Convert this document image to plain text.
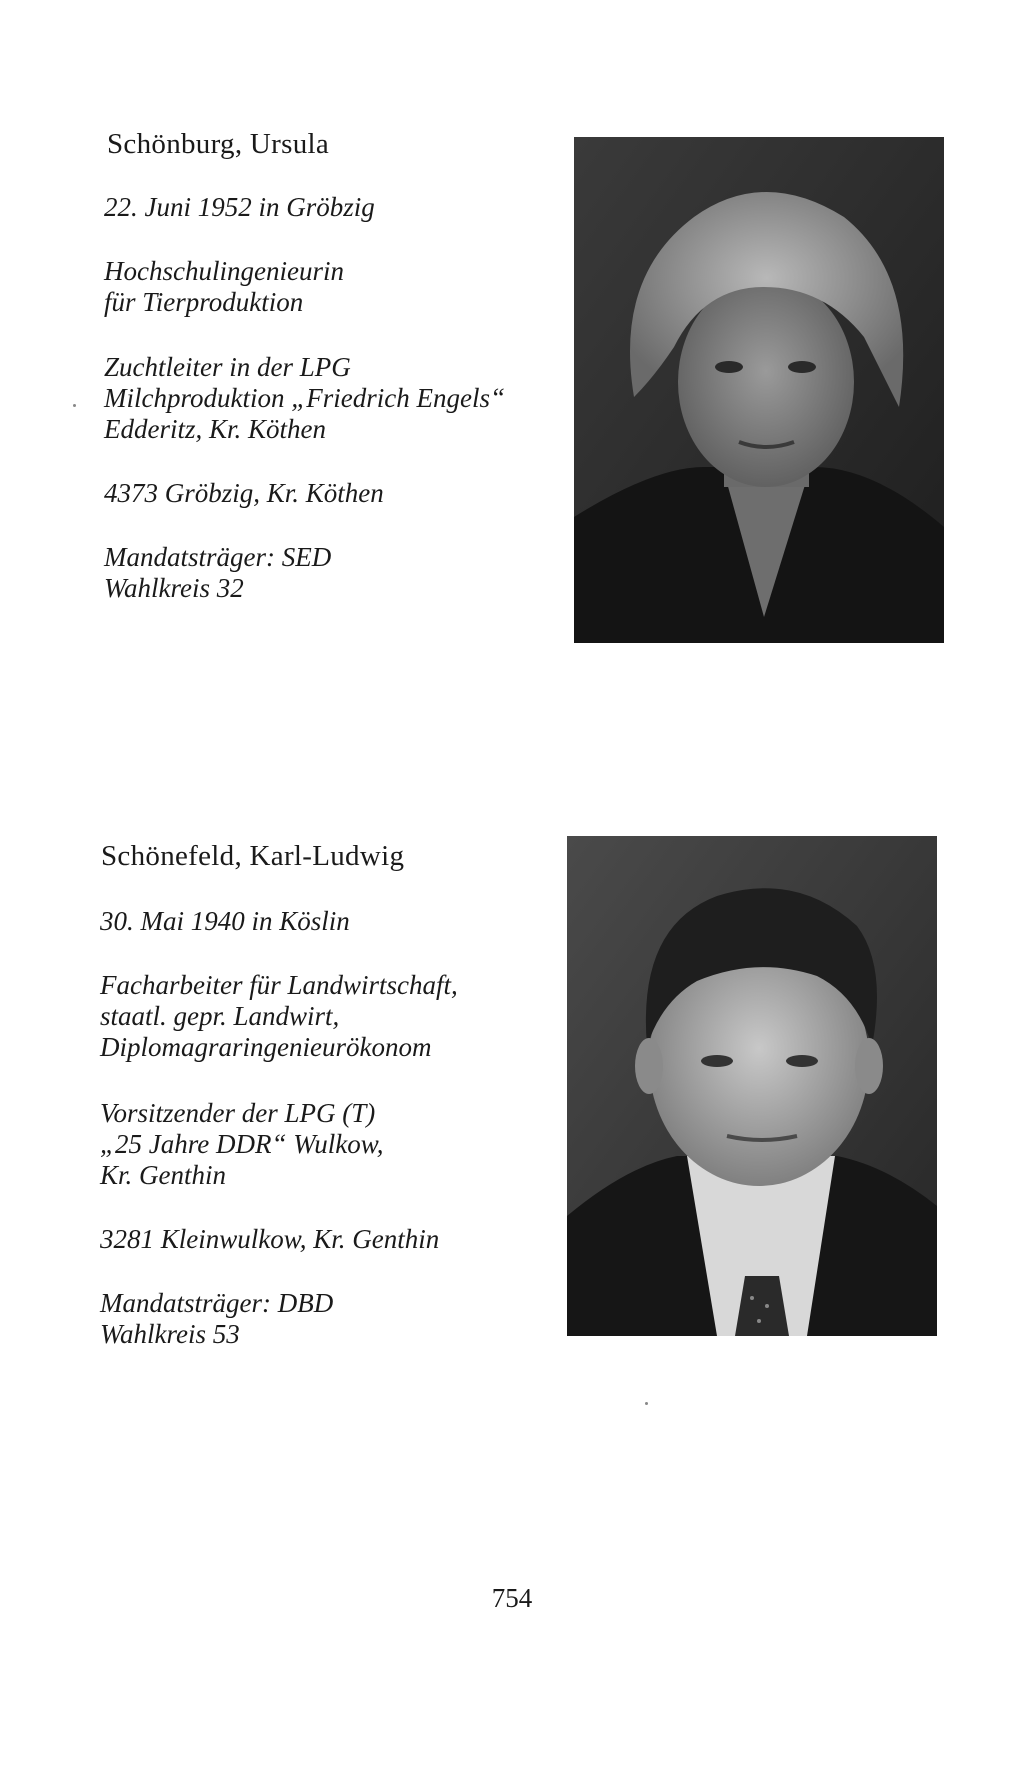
Schönburg, Ursula

22. Juni 1952 in Gröbzig

Hochschulingenieurin
für Tierproduktion

Zuchtleiter in der LPG
Milchproduktion „Friedrich Engels“
Edderitz, Kr. Köthen

4373 Gröbzig, Kr. Köthen

Mandatsträger: SED
Wahlkreis 32

Schönefeld, Karl-Ludwig

30. Mai 1940 in Köslin

Facharbeiter für Landwirtschaft,
staatl. gepr. Landwirt,
Diplomagraringenieurökonom

Vorsitzender der LPG (T)
„25 Jahre DDR“ Wulkow,
Kr. Genthin

3281 Kleinwulkow, Kr. Genthin

Mandatsträger: DBD
Wahlkreis 53

754
